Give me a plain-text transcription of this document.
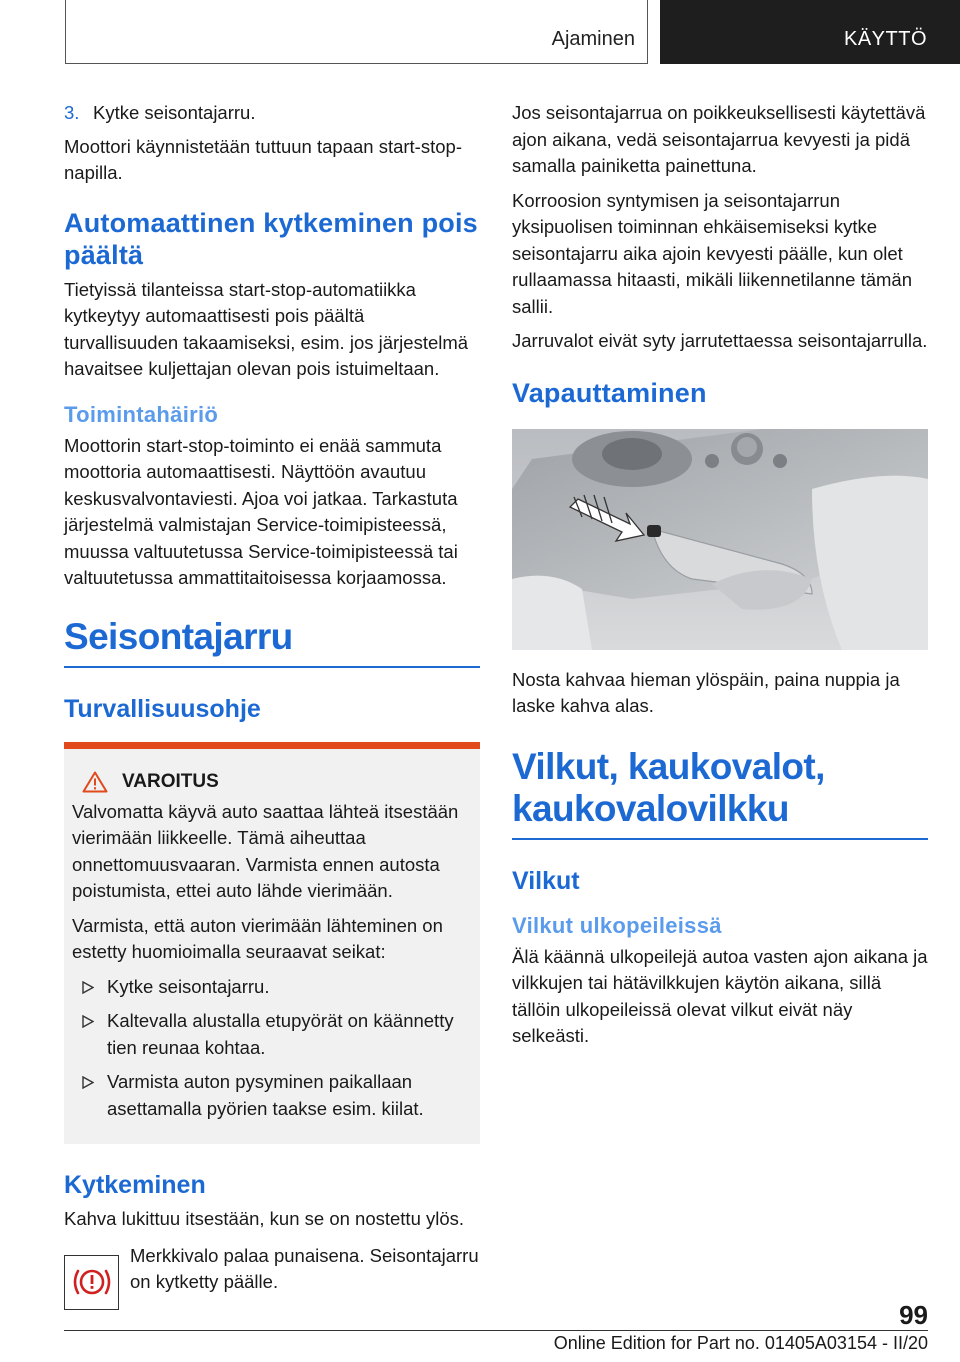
Ajaminen	KÄYTTÖ
3. Kytke seisontajarru.

Moottori käynnistetään tuttuun tapaan start-stop-napilla.

Automaattinen kytkeminen pois päältä

Tietyissä tilanteissa start-stop-automatiikka kytkeytyy automaattisesti pois päältä turvallisuuden takaamiseksi, esim. jos järjestelmä havaitsee kuljettajan olevan pois istuimeltaan.

Toimintahäiriö

Moottorin start-stop-toiminto ei enää sammuta moottoria automaattisesti. Näyttöön avautuu keskusvalvontaviesti. Ajoa voi jatkaa. Tarkastuta järjestelmä valmistajan Service-toimipisteessä, muussa valtuutetussa Service-toimipisteessä tai valtuutetussa ammattitaitoisessa korjaamossa.

Seisontajarru
Turvallisuusohje
VAROITUS

Valvomatta käyvä auto saattaa lähteä itsestään vierimään liikkeelle. Tämä aiheuttaa onnettomuusvaaran. Varmista ennen autosta poistumista, ettei auto lähde vierimään.

Varmista, että auton vierimään lähteminen on estetty huomioimalla seuraavat seikat:

Kytke seisontajarru.
Kaltevalla alustalla etupyörät on käännetty tien reunaa kohtaa.
Varmista auton pysyminen paikallaan asettamalla pyörien taakse esim. kiilat.
Kytkeminen

Kahva lukittuu itsestään, kun se on nostettu ylös.

Merkkivalo palaa punaisena. Seisontajarru on kytketty päälle.

Jos seisontajarrua on poikkeuksellisesti käytettävä ajon aikana, vedä seisontajarrua kevyesti ja pidä samalla painiketta painettuna.

Korroosion syntymisen ja seisontajarrun yksipuolisen toiminnan ehkäisemiseksi kytke seisontajarru aika ajoin kevyesti päälle, kun olet rullaamassa hitaasti, mikäli liikennetilanne tämän sallii.

Jarruvalot eivät syty jarrutettaessa seisontajarrulla.

Vapauttaminen

Nosta kahvaa hieman ylöspäin, paina nuppia ja laske kahva alas.

Vilkut, kaukovalot, kaukovalovilkku
Vilkut
Vilkut ulkopeileissä

Älä käännä ulkopeilejä autoa vasten ajon aikana ja vilkkujen tai hätävilkkujen käytön aikana, sillä tällöin ulkopeileissä olevat vilkut eivät näy selkeästi.

99
Online Edition for Part no. 01405A03154 - II/20
